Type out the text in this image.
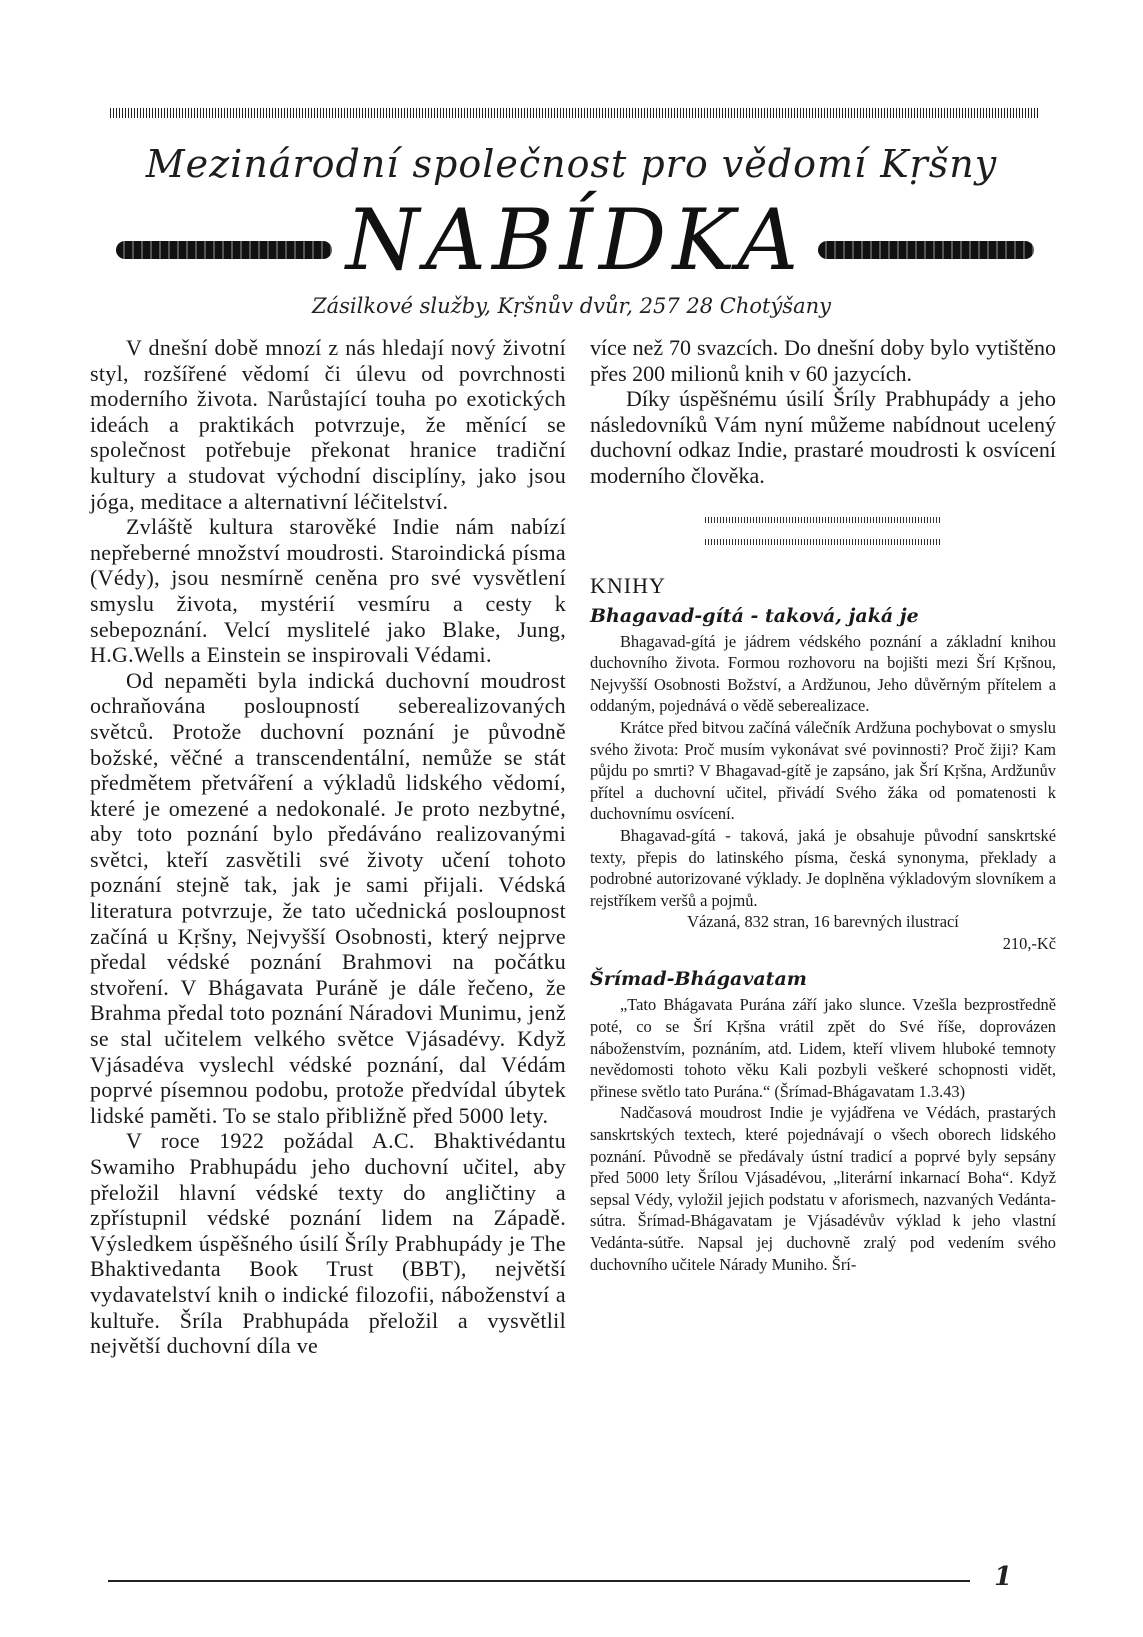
Mezinárodní společnost pro vědomí Kṛšny
NABÍDKA
Zásilkové služby, Kṛšnův dvůr, 257 28 Chotýšany

V dnešní době mnozí z nás hledají nový životní styl, rozšířené vědomí či úlevu od povrchnosti moderního života. Narůstající touha po exotických ideách a praktikách potvrzuje, že měnící se společnost potřebuje překonat hranice tradiční kultury a studovat východní disciplíny, jako jsou jóga, meditace a alternativní léčitelství.

Zvláště kultura starověké Indie nám nabízí nepřeberné množství moudrosti. Staroindická písma (Védy), jsou nesmírně ceněna pro své vysvětlení smyslu života, mystérií vesmíru a cesty k sebepoznání. Velcí myslitelé jako Blake, Jung, H.G.Wells a Einstein se inspirovali Védami.

Od nepaměti byla indická duchovní moudrost ochraňována posloupností seberealizovaných světců. Protože duchovní poznání je původně božské, věčné a transcendentální, nemůže se stát předmětem přetváření a výkladů lidského vědomí, které je omezené a nedokonalé. Je proto nezbytné, aby toto poznání bylo předáváno realizovanými světci, kteří zasvětili své životy učení tohoto poznání stejně tak, jak je sami přijali. Védská literatura potvrzuje, že tato učednická posloupnost začíná u Kṛšny, Nejvyšší Osobnosti, který nejprve předal védské poznání Brahmovi na počátku stvoření. V Bhágavata Puráně je dále řečeno, že Brahma předal toto poznání Náradovi Munimu, jenž se stal učitelem velkého světce Vjásadévy. Když Vjásadéva vyslechl védské poznání, dal Védám poprvé písemnou podobu, protože předvídal úbytek lidské paměti. To se stalo přibližně před 5000 lety.

V roce 1922 požádal A.C. Bhaktivédantu Swamiho Prabhupádu jeho duchovní učitel, aby přeložil hlavní védské texty do angličtiny a zpřístupnil védské poznání lidem na Západě. Výsledkem úspěšného úsilí Šríly Prabhupády je The Bhaktivedanta Book Trust (BBT), největší vydavatelství knih o indické filozofii, náboženství a kultuře. Šríla Prabhupáda přeložil a vysvětlil největší duchovní díla ve

více než 70 svazcích. Do dnešní doby bylo vytištěno přes 200 milionů knih v 60 jazycích.

Díky úspěšnému úsilí Šríly Prabhupády a jeho následovníků Vám nyní můžeme nabídnout ucelený duchovní odkaz Indie, prastaré moudrosti k osvícení moderního člověka.

KNIHY

Bhagavad-gítá - taková, jaká je

Bhagavad-gítá je jádrem védského poznání a základní knihou duchovního života. Formou rozhovoru na bojišti mezi Šrí Kṛšnou, Nejvyšší Osobnosti Božství, a Ardžunou, Jeho důvěrným přítelem a oddaným, pojednává o vědě seberealizace.

Krátce před bitvou začíná válečník Ardžuna pochybovat o smyslu svého života: Proč musím vykonávat své povinnosti? Proč žiji? Kam půjdu po smrti? V Bhagavad-gítě je zapsáno, jak Šrí Kṛšna, Ardžunův přítel a duchovní učitel, přivádí Svého žáka od pomatenosti k duchovnímu osvícení.

Bhagavad-gítá - taková, jaká je obsahuje původní sanskrtské texty, přepis do latinského písma, česká synonyma, překlady a podrobné autorizované výklady. Je doplněna výkladovým slovníkem a rejstříkem veršů a pojmů.

Vázaná, 832 stran, 16 barevných ilustrací

210,-Kč

Šrímad-Bhágavatam

„Tato Bhágavata Purána září jako slunce. Vzešla bezprostředně poté, co se Šrí Kṛšna vrátil zpět do Své říše, doprovázen náboženstvím, poznáním, atd. Lidem, kteří vlivem hluboké temnoty nevědomosti tohoto věku Kali pozbyli veškeré schopnosti vidět, přinese světlo tato Purána.“ (Šrímad-Bhágavatam 1.3.43)

Nadčasová moudrost Indie je vyjádřena ve Védách, prastarých sanskrtských textech, které pojednávají o všech oborech lidského poznání. Původně se předávaly ústní tradicí a poprvé byly sepsány před 5000 lety Šrílou Vjásadévou, „literární inkarnací Boha“. Když sepsal Védy, vyložil jejich podstatu v aforismech, nazvaných Vedánta-sútra. Šrímad-Bhágavatam je Vjásadévův výklad k jeho vlastní Vedánta-sútře. Napsal jej duchovně zralý pod vedením svého duchovního učitele Nárady Muniho. Šrí-

1
